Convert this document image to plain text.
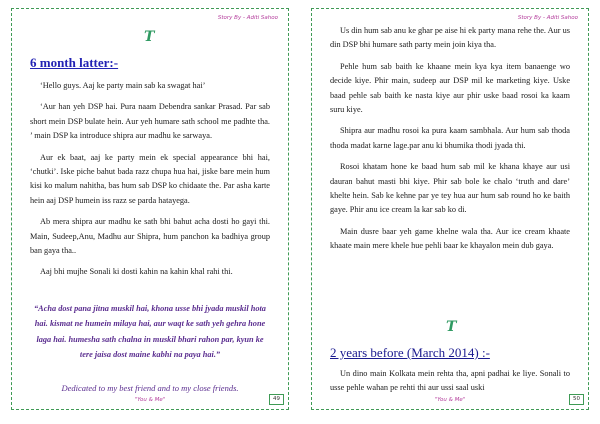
Story By - Aditi Sahoo
T
6 month latter:-

‘Hello guys. Aaj ke party main sab ka swagat hai’

‘Aur han yeh DSP hai. Pura naam Debendra sankar Prasad. Par sab short mein DSP bulate hein. Aur yeh humare sath school me padhte tha. ’ main DSP ka introduce shipra aur madhu ke sarwaya.

Aur ek baat, aaj ke party mein ek special appearance bhi hai, ‘chutki’. Iske piche bahut bada razz chupa hua hai, jiske bare mein hum kisi ko malum nahitha, bas hum sab DSP ko chidaate the. Par asha karte hein aaj DSP humein iss razz se parda hatayega.

Ab mera shipra aur madhu ke sath bhi bahut acha dosti ho gayi thi. Main, Sudeep,Anu, Madhu aur Shipra, hum panchon ka badhiya group ban gaya tha..

Aaj bhi mujhe Sonali ki dosti kahin na kahin khal rahi thi.

“Acha dost pana jitna muskil hai, khona usse bhi jyada muskil hota hai. kismat ne humein milaya hai, aur waqt ke sath yeh gehra hone laga hai. humesha sath chalna in muskil bhari rahon par, kyun ke tere jaisa dost maine kabhi na paya hai.”
Dedicated to my best friend and to my close friends.
"You & Me"	49
Story By - Aditi Sahoo

Us din hum sab anu ke ghar pe aise hi ek party mana rehe the. Aur us din DSP bhi humare sath party mein join kiya tha.

Pehle hum sab baith ke khaane mein kya kya item banaenge wo decide kiye. Phir main, sudeep aur DSP mil ke marketing kiye. Uske baad pehle sab baith ke nasta kiye aur phir uske baad rosoi ka kaam suru kiye.

Shipra aur madhu rosoi ka pura kaam sambhala. Aur hum sab thoda thoda madat karne lage.par anu ki bhumika thodi jyada thi.

Rosoi khatam hone ke baad hum sab mil ke khana khaye aur usi dauran bahut masti bhi kiye. Phir sab bole ke chalo ‘truth and dare’ khelte hein. Sab ke kehne par ye tey hua aur hum sab round ho ke baith gaye. Phir anu ice cream la kar sab ko di.

Main dusre baar yeh game khelne wala tha. Aur ice cream khaate khaate main mere khele hue pehli baar ke khayalon mein dub gaya.

T
2 years before (March 2014) :-

Un dino main Kolkata mein rehta tha, apni padhai ke liye. Sonali to usse pehle wahan pe rehti thi aur ussi saal uski

"You & Me"	50
